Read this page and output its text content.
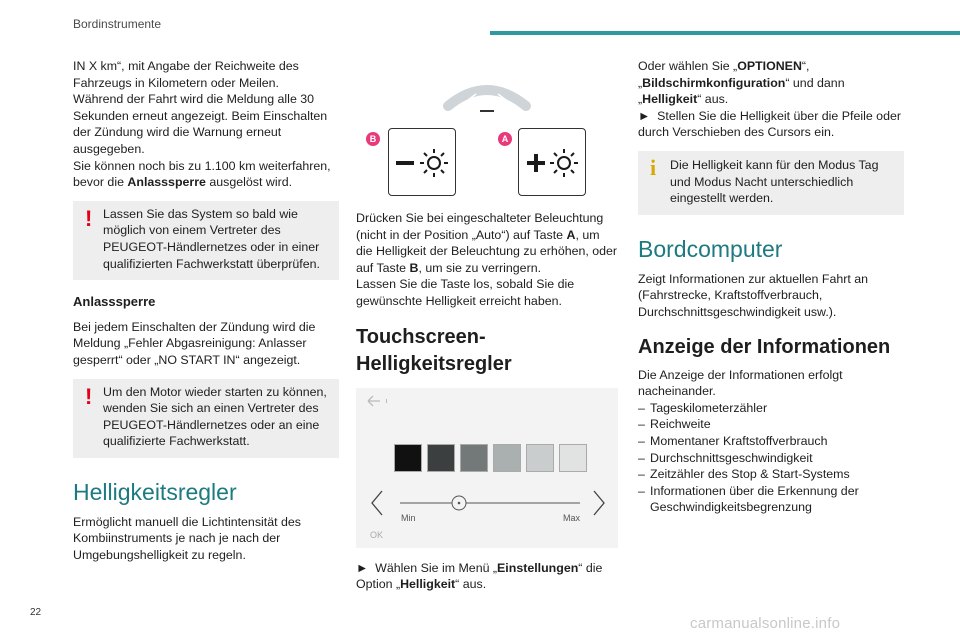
Bordinstrumente

IN X km“, mit Angabe der Reichweite des Fahrzeugs in Kilometern oder Meilen.

Während der Fahrt wird die Meldung alle 30 Sekunden erneut angezeigt. Beim Einschalten der Zündung wird die Warnung erneut ausgegeben.

Sie können noch bis zu 1.100 km weiterfahren, bevor die Anlasssperre ausgelöst wird.

! Lassen Sie das System so bald wie möglich von einem Vertreter des PEUGEOT-Händlernetzes oder in einer qualifizierten Fachwerkstatt überprüfen.

Anlasssperre

Bei jedem Einschalten der Zündung wird die Meldung „Fehler Abgasreinigung: Anlasser gesperrt“ oder „NO START IN“ angezeigt.

! Um den Motor wieder starten zu können, wenden Sie sich an einen Vertreter des PEUGEOT-Händlernetzes oder an eine qualifizierte Fachwerkstatt.

Helligkeitsregler

Ermöglicht manuell die Lichtintensität des Kombiinstruments je nach je nach der Umgebungshelligkeit zu regeln.

B	A

Drücken Sie bei eingeschalteter Beleuchtung (nicht in der Position „Auto“) auf Taste A, um die Helligkeit der Beleuchtung zu erhöhen, oder auf Taste B, um sie zu verringern.

Lassen Sie die Taste los, sobald Sie die gewünschte Helligkeit erreicht haben.

Touchscreen-Helligkeitsregler
Min	Max
OK

► Wählen Sie im Menü „Einstellungen“ die Option „Helligkeit“ aus.

Oder wählen Sie „OPTIONEN“, „Bildschirmkonfiguration“ und dann „Helligkeit“ aus.

► Stellen Sie die Helligkeit über die Pfeile oder durch Verschieben des Cursors ein.

i	Die Helligkeit kann für den Modus Tag und Modus Nacht unterschiedlich eingestellt werden.

Bordcomputer

Zeigt Informationen zur aktuellen Fahrt an (Fahrstrecke, Kraftstoffverbrauch, Durchschnittsgeschwindigkeit usw.).

Anzeige der Informationen

Die Anzeige der Informationen erfolgt nacheinander.

– Tageskilometerzähler
– Reichweite
– Momentaner Kraftstoffverbrauch
– Durchschnittsgeschwindigkeit
– Zeitzähler des Stop & Start-Systems
– Informationen über die Erkennung der Geschwindigkeitsbegrenzung
22
carmanualsonline.info
